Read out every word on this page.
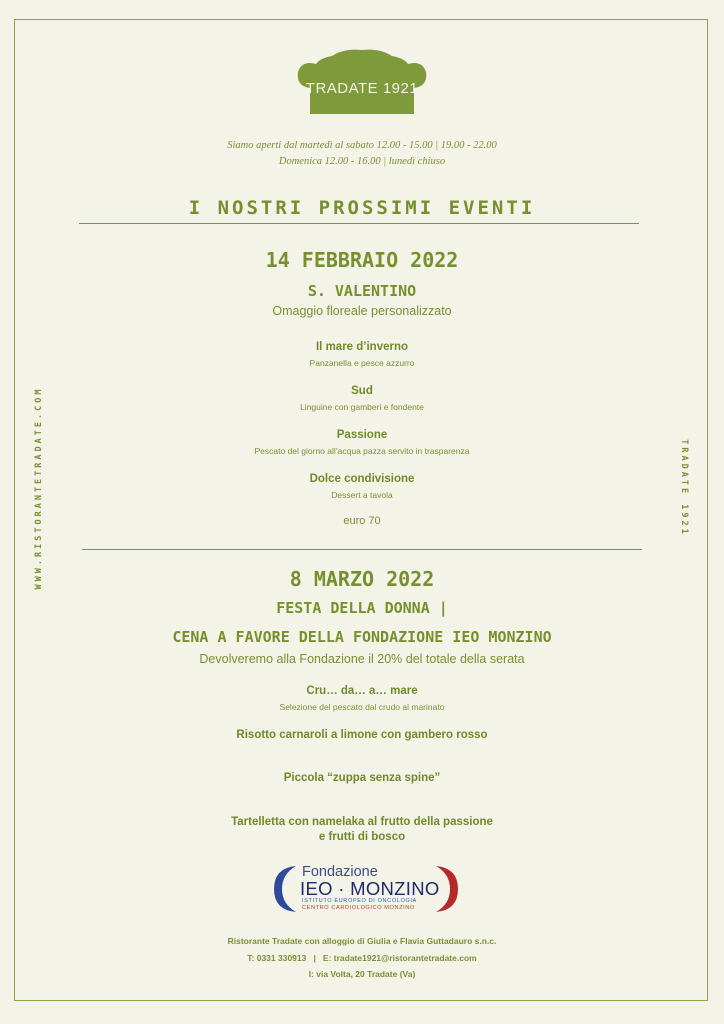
TRADATE 1921
Siamo aperti dal martedì al sabato 12.00 - 15.00 | 19.00 - 22.00
Domenica 12.00 - 16.00 | lunedì chiuso
I NOSTRI PROSSIMI EVENTI
14 FEBBRAIO 2022
S. VALENTINO
Omaggio floreale personalizzato
Il mare d’inverno
Panzanella e pesce azzurro
Sud
Linguine con gamberi e fondente
Passione
Pescato del giorno all’acqua pazza servito in trasparenza
Dolce condivisione
Dessert a tavola
euro 70
8 MARZO 2022
FESTA DELLA DONNA |
CENA A FAVORE DELLA FONDAZIONE IEO MONZINO
Devolveremo alla Fondazione il 20% del totale della serata
Cru… da… a… mare
Selezione del pescato dal crudo al marinato
Risotto carnaroli a limone con gambero rosso
Piccola “zuppa senza spine”
Tartelletta con namelaka al frutto della passione
e frutti di bosco
Fondazione
IEO · MONZINO
ISTITUTO EUROPEO DI ONCOLOGIA
CENTRO CARDIOLOGICO MONZINO
Ristorante Tradate con alloggio di Giulia e Flavia Guttadauro s.n.c.
T: 0331 330913   |   E: tradate1921@ristorantetradate.com
I: via Volta, 20 Tradate (Va)
WWW.RISTORANTETRADATE.COM	TRADATE 1921
